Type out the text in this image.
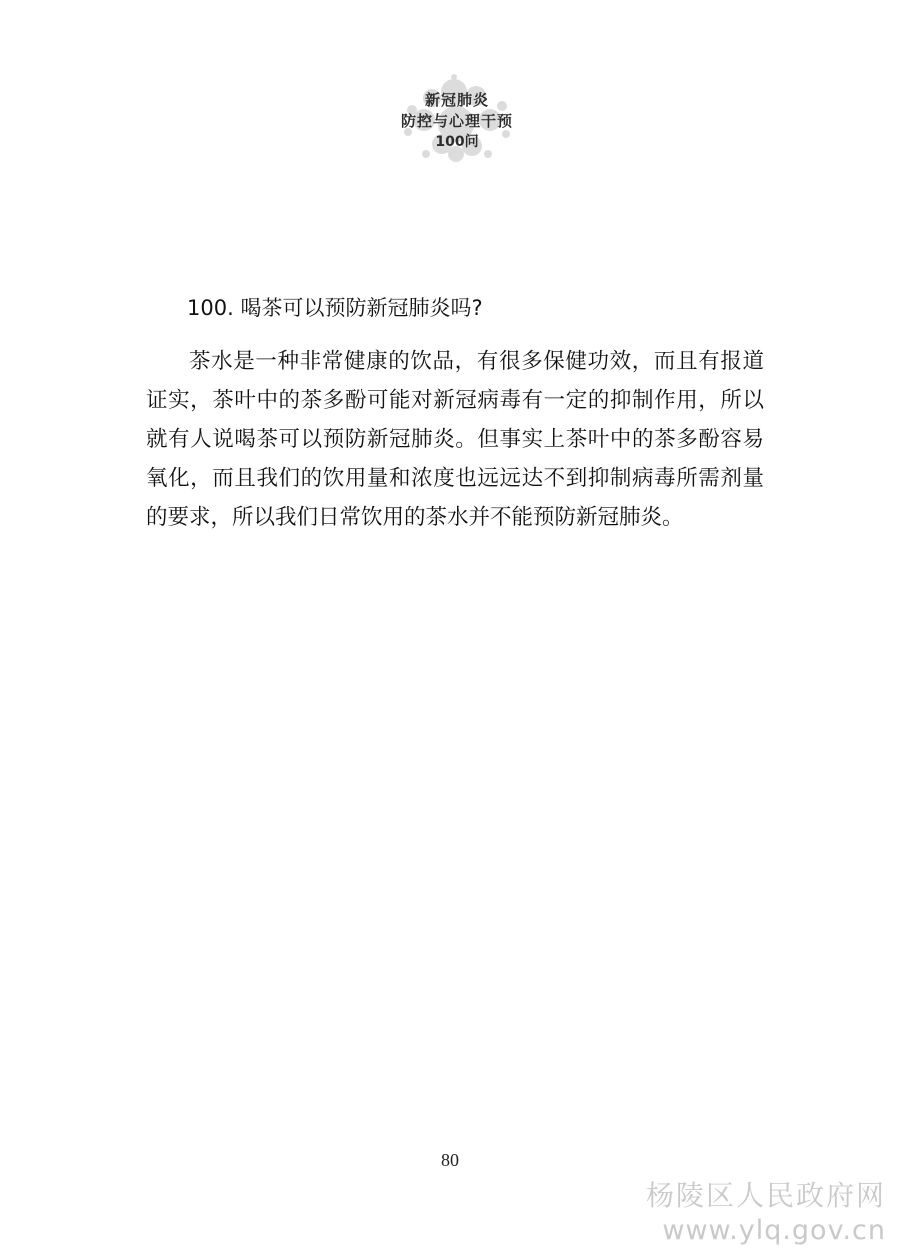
新冠肺炎
防控与心理干预
100问
100. 喝茶可以预防新冠肺炎吗?

茶水是一种非常健康的饮品，有很多保健功效，而且有报道证实，茶叶中的茶多酚可能对新冠病毒有一定的抑制作用，所以就有人说喝茶可以预防新冠肺炎。但事实上茶叶中的茶多酚容易氧化，而且我们的饮用量和浓度也远远达不到抑制病毒所需剂量的要求，所以我们日常饮用的茶水并不能预防新冠肺炎。

80
杨陵区人民政府网
www.ylq.gov.cn
